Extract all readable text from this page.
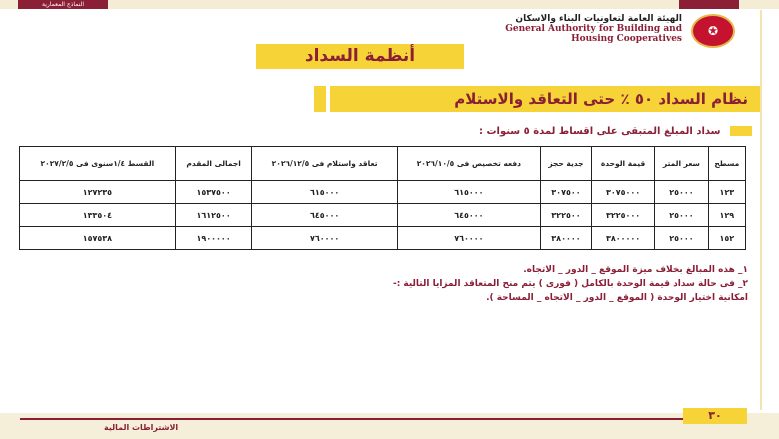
النماذج المعمارية
✪
الهيئة العامة لتعاونيات البناء والاسكان
General Authority for Building and
Housing Cooperatives
أنظمة السداد
نظام السداد ٥٠ ٪ حتى التعاقد والاستلام
سداد المبلغ المتبقى على اقساط لمدة ٥ سنوات :
مسطح	سعر المتر	قيمة الوحدة	جدية حجز	دفعه تخصيص فى ٢٠٢٦/١٠/٥	تعاقد واستلام فى ٢٠٢٦/١٢/٥	اجمالى المقدم	القسط ١/٤سنوى فى ٢٠٢٧/٢/٥
١٢٣	٢٥٠٠٠	٣٠٧٥٠٠٠	٣٠٧٥٠٠	٦١٥٠٠٠	٦١٥٠٠٠	١٥٣٧٥٠٠	١٢٧٢٣٥
١٢٩	٢٥٠٠٠	٣٢٢٥٠٠٠	٣٢٢٥٠٠	٦٤٥٠٠٠	٦٤٥٠٠٠	١٦١٢٥٠٠	١٣٣٥٠٤
١٥٢	٢٥٠٠٠	٣٨٠٠٠٠٠	٣٨٠٠٠٠	٧٦٠٠٠٠	٧٦٠٠٠٠	١٩٠٠٠٠٠	١٥٧٥٣٨
١_ هذه المبالغ بخلاف ميزة الموقع _ الدور _ الاتجاه.
٢_ فى حالة سداد قيمة الوحدة بالكامل ( فورى ) يتم منح المتعاقد المزايا التالية :-
امكانية اختيار الوحدة ( الموقع _ الدور _ الاتجاه _ المساحة ).
٣٠
الاشتراطات المالية
